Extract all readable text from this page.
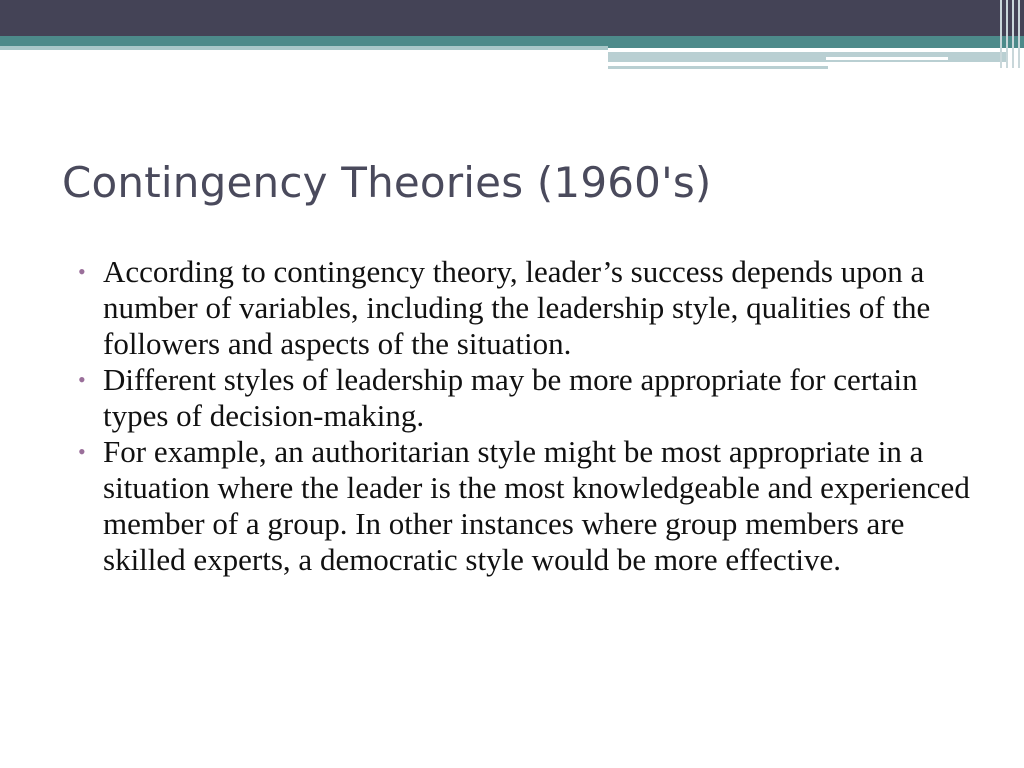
Contingency Theories (1960's)
• According to contingency theory, leader’s success depends upon a number of variables, including the leadership style, qualities of the followers and aspects of the situation.
• Different styles of leadership may be more appropriate for certain types of decision-making.
• For example, an authoritarian style might be most appropriate in a situation where the leader is the most knowledgeable and experienced member of a group. In other instances where group members are skilled experts, a democratic style would be more effective.
